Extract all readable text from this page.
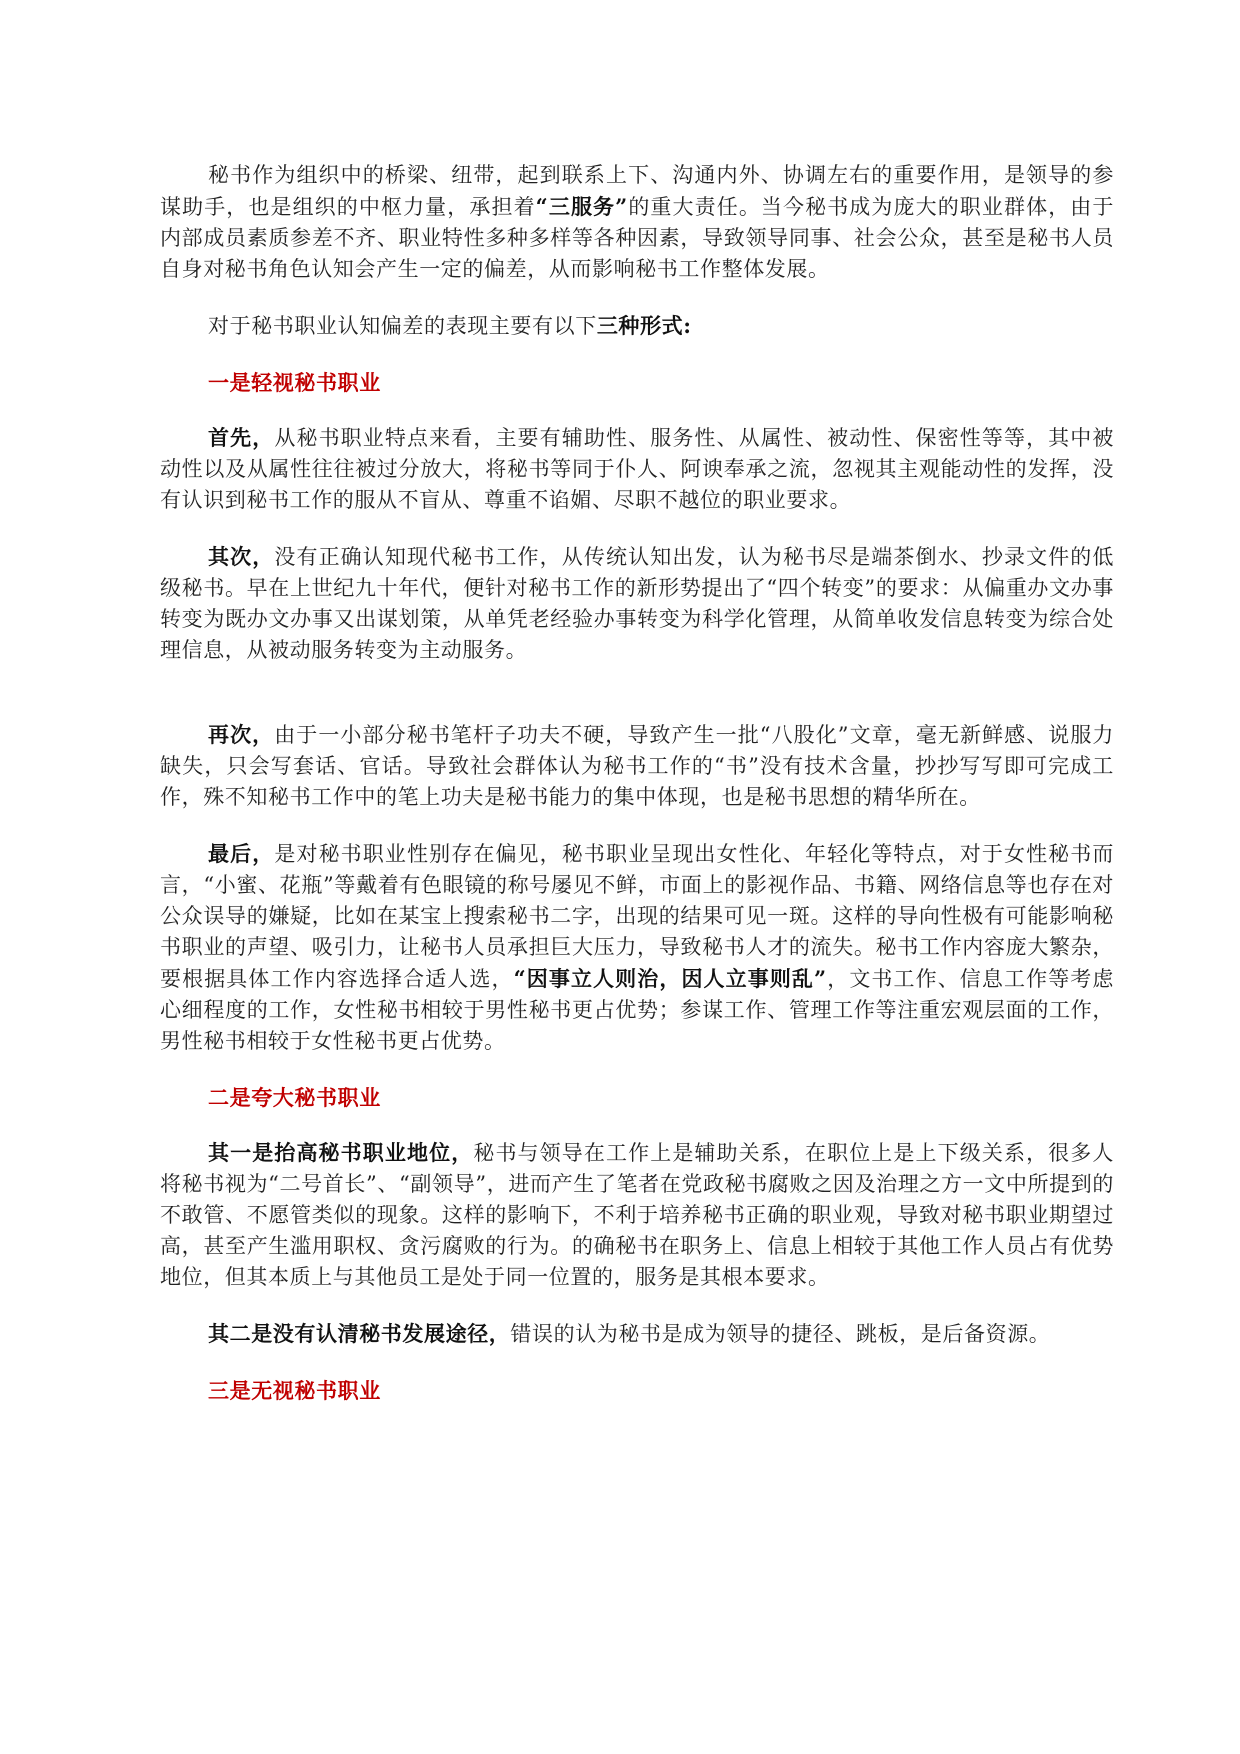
秘书作为组织中的桥梁、纽带，起到联系上下、沟通内外、协调左右的重要作用，是领导的参谋助手，也是组织的中枢力量，承担着“三服务”的重大责任。当今秘书成为庞大的职业群体，由于内部成员素质参差不齐、职业特性多种多样等各种因素，导致领导同事、社会公众，甚至是秘书人员自身对秘书角色认知会产生一定的偏差，从而影响秘书工作整体发展。

对于秘书职业认知偏差的表现主要有以下三种形式:

一是轻视秘书职业

首先，从秘书职业特点来看，主要有辅助性、服务性、从属性、被动性、保密性等等，其中被动性以及从属性往往被过分放大，将秘书等同于仆人、阿谀奉承之流，忽视其主观能动性的发挥，没有认识到秘书工作的服从不盲从、尊重不谄媚、尽职不越位的职业要求。

其次，没有正确认知现代秘书工作，从传统认知出发，认为秘书尽是端茶倒水、抄录文件的低级秘书。早在上世纪九十年代，便针对秘书工作的新形势提出了“四个转变”的要求：从偏重办文办事转变为既办文办事又出谋划策，从单凭老经验办事转变为科学化管理，从简单收发信息转变为综合处理信息，从被动服务转变为主动服务。

再次，由于一小部分秘书笔杆子功夫不硬，导致产生一批“八股化”文章，毫无新鲜感、说服力缺失，只会写套话、官话。导致社会群体认为秘书工作的“书”没有技术含量，抄抄写写即可完成工作，殊不知秘书工作中的笔上功夫是秘书能力的集中体现，也是秘书思想的精华所在。

最后，是对秘书职业性别存在偏见，秘书职业呈现出女性化、年轻化等特点，对于女性秘书而言，“小蜜、花瓶”等戴着有色眼镜的称号屡见不鲜，市面上的影视作品、书籍、网络信息等也存在对公众误导的嫌疑，比如在某宝上搜索秘书二字，出现的结果可见一斑。这样的导向性极有可能影响秘书职业的声望、吸引力，让秘书人员承担巨大压力，导致秘书人才的流失。秘书工作内容庞大繁杂，要根据具体工作内容选择合适人选，“因事立人则治，因人立事则乱”，文书工作、信息工作等考虑心细程度的工作，女性秘书相较于男性秘书更占优势；参谋工作、管理工作等注重宏观层面的工作，男性秘书相较于女性秘书更占优势。

二是夸大秘书职业

其一是抬高秘书职业地位，秘书与领导在工作上是辅助关系，在职位上是上下级关系，很多人将秘书视为“二号首长”、“副领导”，进而产生了笔者在党政秘书腐败之因及治理之方一文中所提到的不敢管、不愿管类似的现象。这样的影响下，不利于培养秘书正确的职业观，导致对秘书职业期望过高，甚至产生滥用职权、贪污腐败的行为。的确秘书在职务上、信息上相较于其他工作人员占有优势地位，但其本质上与其他员工是处于同一位置的，服务是其根本要求。

其二是没有认清秘书发展途径，错误的认为秘书是成为领导的捷径、跳板，是后备资源。

三是无视秘书职业
